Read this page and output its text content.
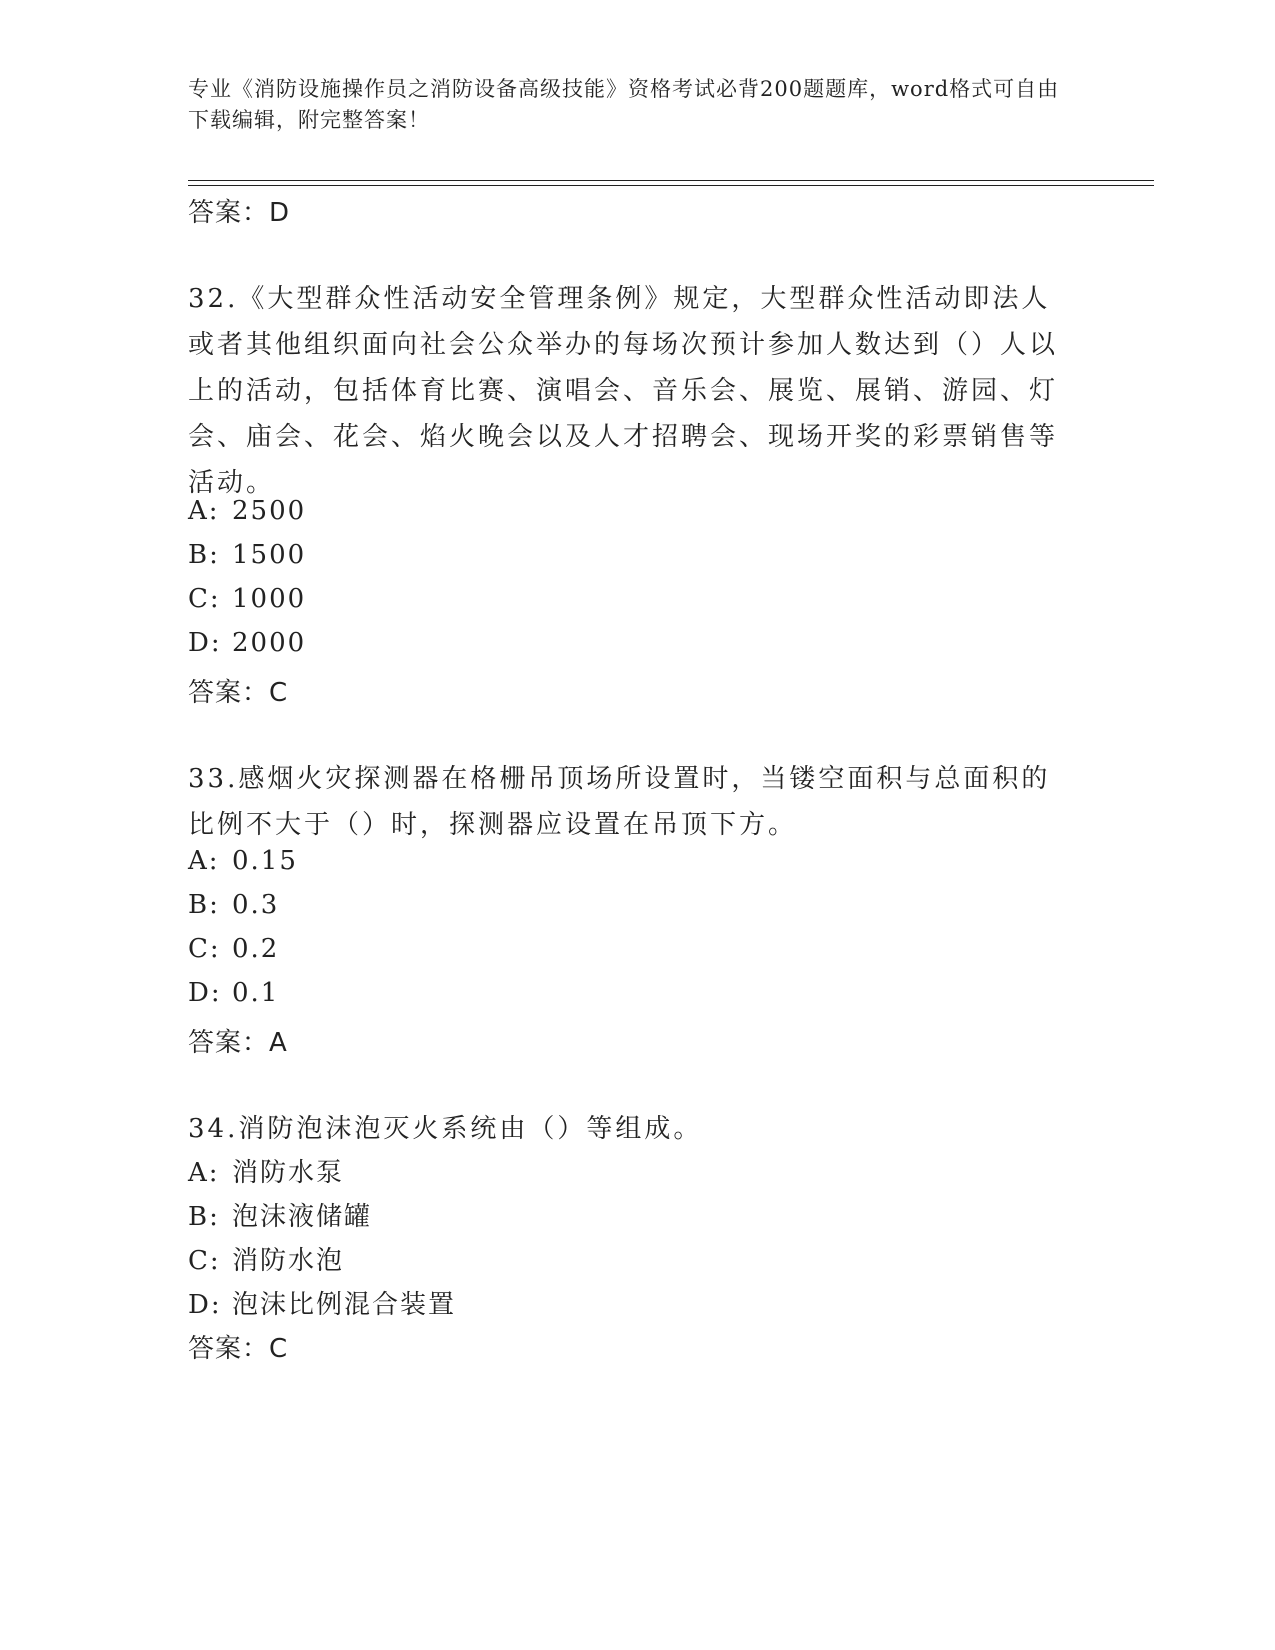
专业《消防设施操作员之消防设备高级技能》资格考试必背200题题库，word格式可自由下载编辑，附完整答案！
答案：D
32.《大型群众性活动安全管理条例》规定，大型群众性活动即法人或者其他组织面向社会公众举办的每场次预计参加人数达到（）人以上的活动，包括体育比赛、演唱会、音乐会、展览、展销、游园、灯会、庙会、花会、焰火晚会以及人才招聘会、现场开奖的彩票销售等活动。
A: 2500
B: 1500
C: 1000
D: 2000
答案：C
33.感烟火灾探测器在格栅吊顶场所设置时，当镂空面积与总面积的比例不大于（）时，探测器应设置在吊顶下方。
A: 0.15
B: 0.3
C: 0.2
D: 0.1
答案：A
34.消防泡沫泡灭火系统由（）等组成。
A: 消防水泵
B: 泡沫液储罐
C: 消防水泡
D: 泡沫比例混合装置
答案：C
